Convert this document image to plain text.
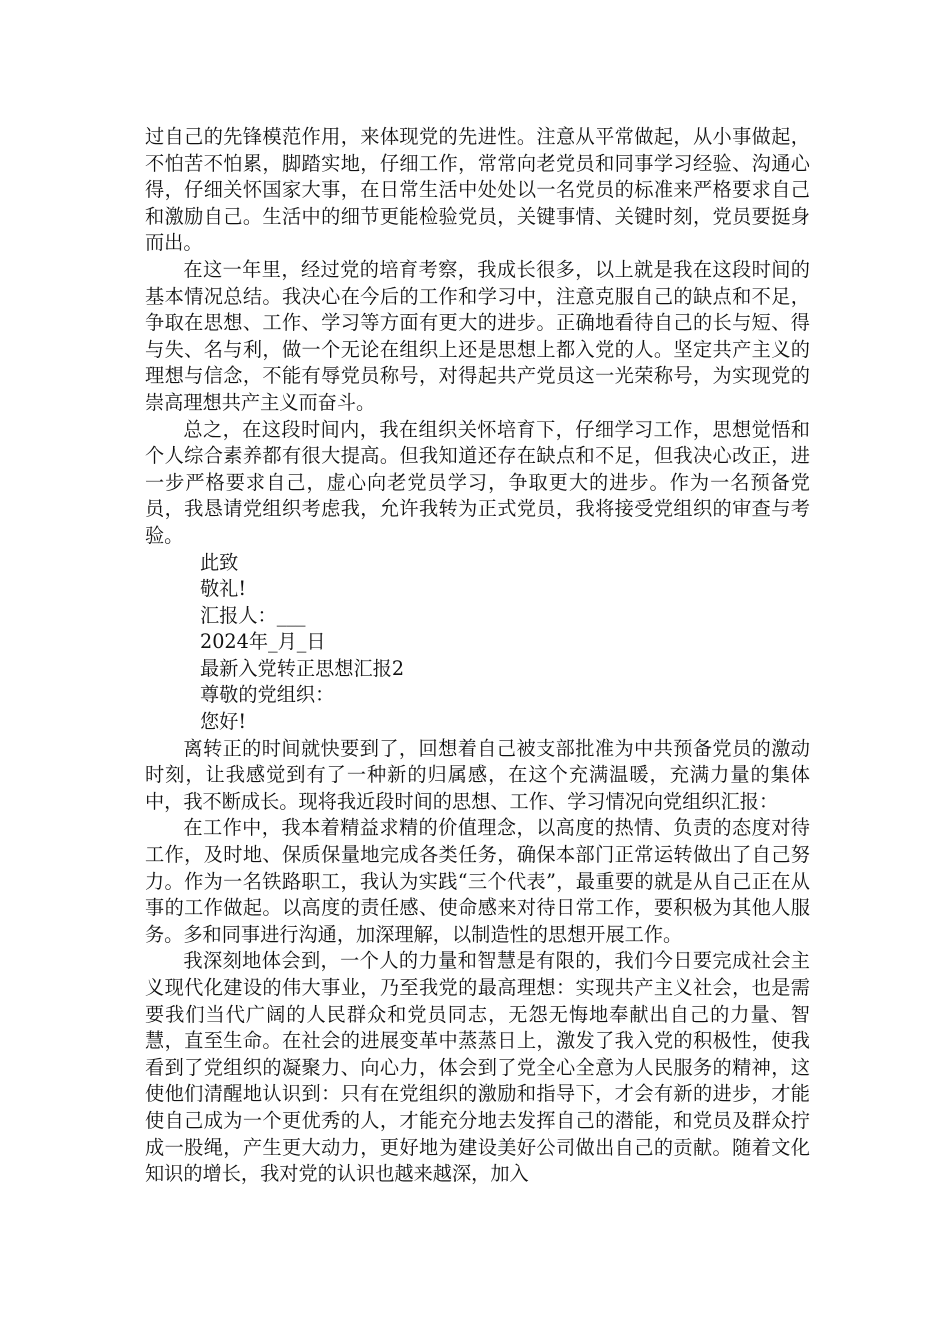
过自己的先锋模范作用，来体现党的先进性。注意从平常做起，从小事做起，不怕苦不怕累，脚踏实地，仔细工作，常常向老党员和同事学习经验、沟通心得，仔细关怀国家大事，在日常生活中处处以一名党员的标准来严格要求自己和激励自己。生活中的细节更能检验党员，关键事情、关键时刻，党员要挺身而出。

在这一年里，经过党的培育考察，我成长很多，以上就是我在这段时间的基本情况总结。我决心在今后的工作和学习中，注意克服自己的缺点和不足，争取在思想、工作、学习等方面有更大的进步。正确地看待自己的长与短、得与失、名与利，做一个无论在组织上还是思想上都入党的人。坚定共产主义的理想与信念，不能有辱党员称号，对得起共产党员这一光荣称号，为实现党的崇高理想共产主义而奋斗。

总之，在这段时间内，我在组织关怀培育下，仔细学习工作，思想觉悟和个人综合素养都有很大提高。但我知道还存在缺点和不足，但我决心改正，进一步严格要求自己，虚心向老党员学习，争取更大的进步。作为一名预备党员，我恳请党组织考虑我，允许我转为正式党员，我将接受党组织的审查与考验。

此致

敬礼!

汇报人：___

2024年_月_日

最新入党转正思想汇报2

尊敬的党组织：

您好!

离转正的时间就快要到了，回想着自己被支部批准为中共预备党员的激动时刻，让我感觉到有了一种新的归属感，在这个充满温暖，充满力量的集体中，我不断成长。现将我近段时间的思想、工作、学习情况向党组织汇报：

在工作中，我本着精益求精的价值理念，以高度的热情、负责的态度对待工作，及时地、保质保量地完成各类任务，确保本部门正常运转做出了自己努力。作为一名铁路职工，我认为实践“三个代表”，最重要的就是从自己正在从事的工作做起。以高度的责任感、使命感来对待日常工作，要积极为其他人服务。多和同事进行沟通，加深理解，以制造性的思想开展工作。

我深刻地体会到，一个人的力量和智慧是有限的，我们今日要完成社会主义现代化建设的伟大事业，乃至我党的最高理想：实现共产主义社会，也是需要我们当代广阔的人民群众和党员同志，无怨无悔地奉献出自己的力量、智慧，直至生命。在社会的进展变革中蒸蒸日上，激发了我入党的积极性，使我看到了党组织的凝聚力、向心力，体会到了党全心全意为人民服务的精神，这使他们清醒地认识到：只有在党组织的激励和指导下，才会有新的进步，才能使自己成为一个更优秀的人，才能充分地去发挥自己的潜能，和党员及群众拧成一股绳，产生更大动力，更好地为建设美好公司做出自己的贡献。随着文化知识的增长，我对党的认识也越来越深，加入
